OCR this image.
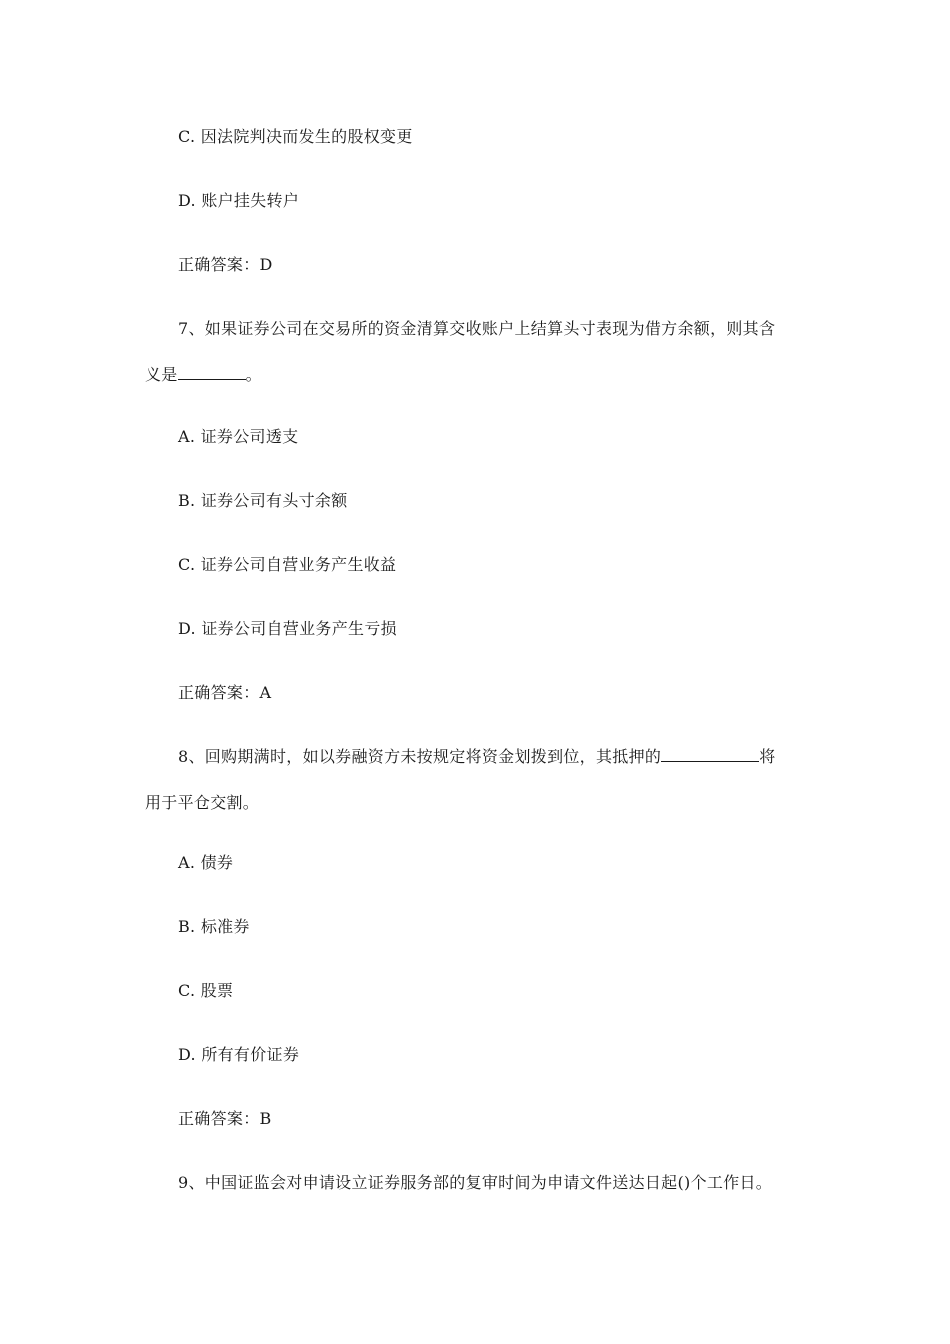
C. 因法院判决而发生的股权变更
D. 账户挂失转户
正确答案：D
7、如果证券公司在交易所的资金清算交收账户上结算头寸表现为借方余额，则其含
义是	。
A. 证券公司透支
B. 证券公司有头寸余额
C. 证券公司自营业务产生收益
D. 证券公司自营业务产生亏损
正确答案：A
8、回购期满时，如以券融资方未按规定将资金划拨到位，其抵押的	将
用于平仓交割。
A. 债券
B. 标准券
C. 股票
D. 所有有价证券
正确答案：B
9、中国证监会对申请设立证券服务部的复审时间为申请文件送达日起()个工作日。
